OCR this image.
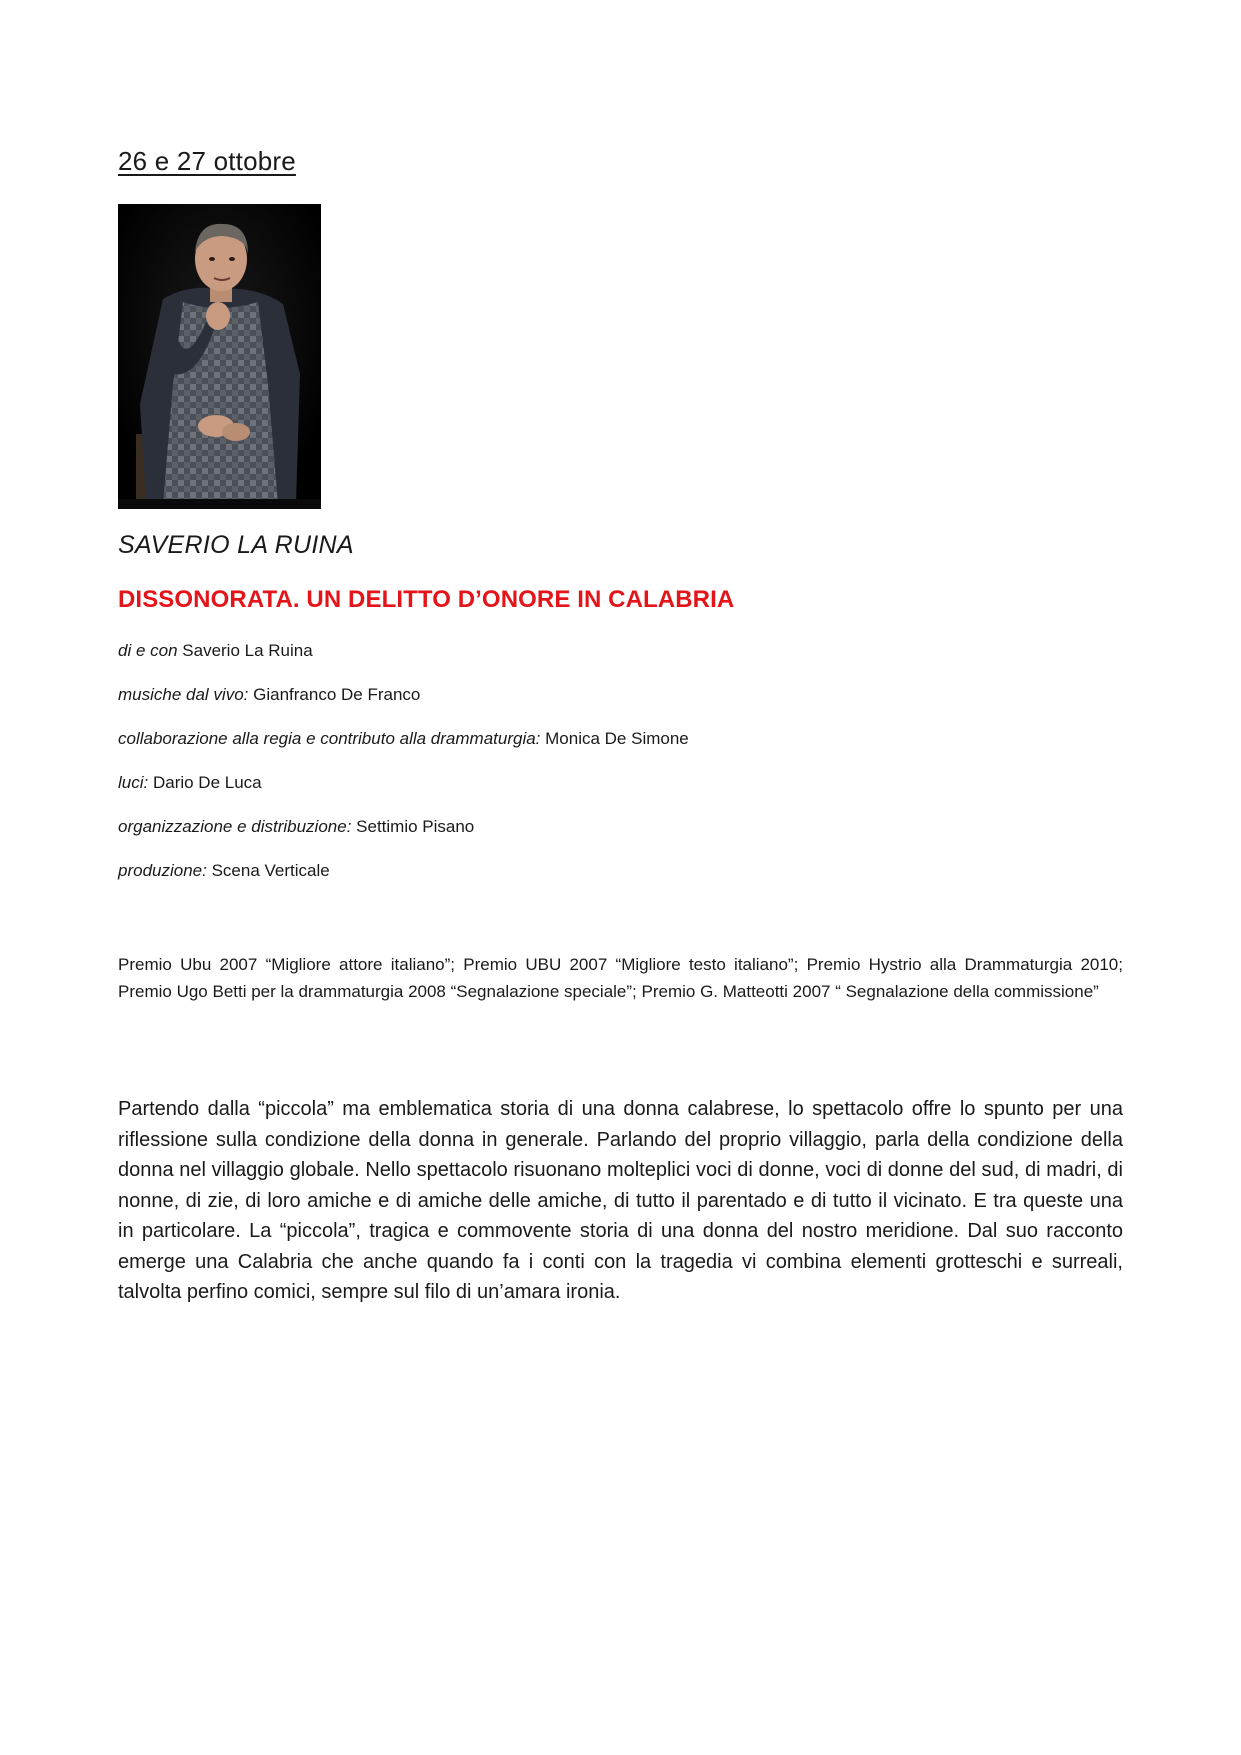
26 e 27 ottobre
SAVERIO LA RUINA
DISSONORATA. UN DELITTO D’ONORE IN CALABRIA
di e con Saverio La Ruina
musiche dal vivo: Gianfranco De Franco
collaborazione alla regia e contributo alla drammaturgia: Monica De Simone
luci: Dario De Luca
organizzazione e distribuzione: Settimio Pisano
produzione: Scena Verticale
Premio Ubu 2007 “Migliore attore italiano”; Premio UBU 2007 “Migliore testo italiano”; Premio Hystrio alla Drammaturgia 2010; Premio Ugo Betti per la drammaturgia 2008 “Segnalazione speciale”; Premio G. Matteotti 2007 “ Segnalazione della commissione”
Partendo dalla “piccola” ma emblematica storia di una donna calabrese, lo spettacolo offre lo spunto per una riflessione sulla condizione della donna in generale. Parlando del proprio villaggio, parla della condizione della donna nel villaggio globale. Nello spettacolo risuonano molteplici voci di donne, voci di donne del sud, di madri, di nonne, di zie, di loro amiche e di amiche delle amiche, di tutto il parentado e di tutto il vicinato. E tra queste una in particolare. La “piccola”, tragica e commovente storia di una donna del nostro meridione. Dal suo racconto emerge una Calabria che anche quando fa i conti con la tragedia vi combina elementi grotteschi e surreali, talvolta perfino comici, sempre sul filo di un’amara ironia.
